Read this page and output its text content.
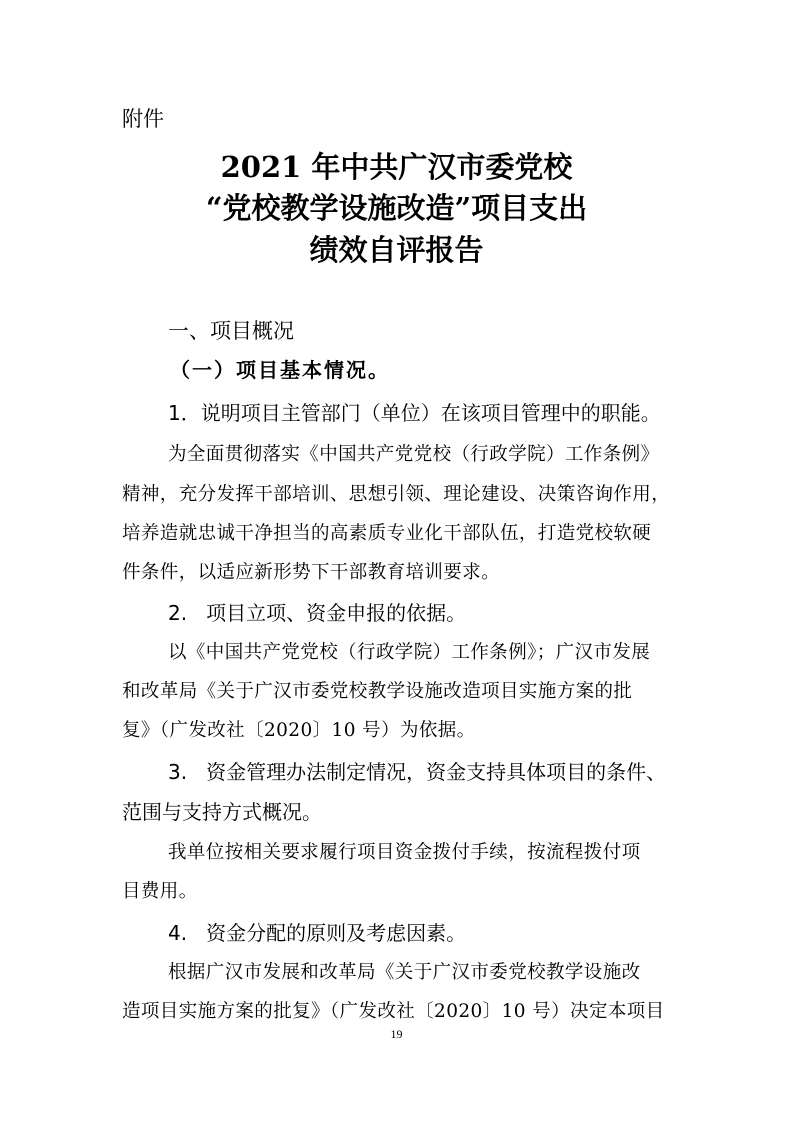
附件
2021 年中共广汉市委党校
“党校教学设施改造”项目支出
绩效自评报告
一、项目概况
（一）项目基本情况。
1．说明项目主管部门（单位）在该项目管理中的职能。
为全面贯彻落实《中国共产党党校（行政学院）工作条例》
精神，充分发挥干部培训、思想引领、理论建设、决策咨询作用，
培养造就忠诚干净担当的高素质专业化干部队伍，打造党校软硬
件条件，以适应新形势下干部教育培训要求。
2.   项目立项、资金申报的依据。
以《中国共产党党校（行政学院）工作条例》；广汉市发展
和改革局《关于广汉市委党校教学设施改造项目实施方案的批
复》（广发改社〔2020〕10 号）为依据。
3.   资金管理办法制定情况，资金支持具体项目的条件、
范围与支持方式概况。
我单位按相关要求履行项目资金拨付手续，按流程拨付项
目费用。
4.   资金分配的原则及考虑因素。
根据广汉市发展和改革局《关于广汉市委党校教学设施改
造项目实施方案的批复》（广发改社〔2020〕10 号）决定本项目
19
